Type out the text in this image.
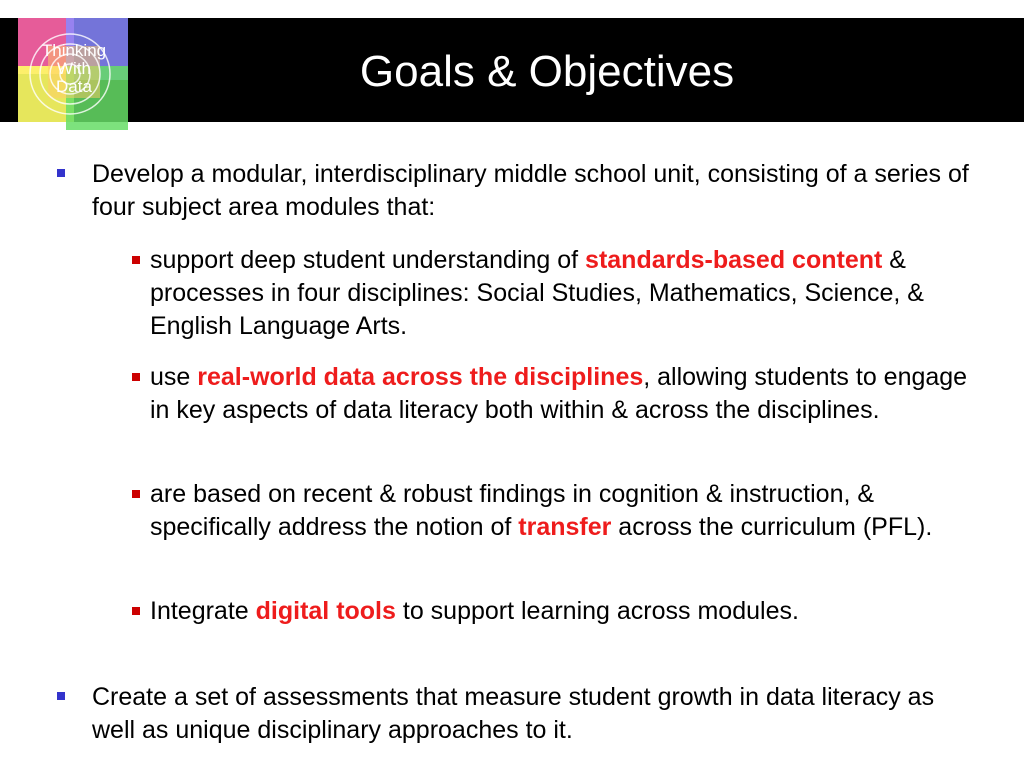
Thinking
With
Data	Goals & Objectives
Develop a modular, interdisciplinary middle school unit, consisting of a series of four subject area modules that:
support deep student understanding of standards-based content & processes in four disciplines: Social Studies, Mathematics, Science, & English Language Arts.
use real-world data across the disciplines, allowing students to engage in key aspects of data literacy both within & across the disciplines.
are based on recent & robust findings in cognition & instruction, & specifically address the notion of transfer across the curriculum (PFL).
Integrate digital tools to support learning across modules.
Create a set of assessments that measure student growth in data literacy as well as unique disciplinary approaches to it.
